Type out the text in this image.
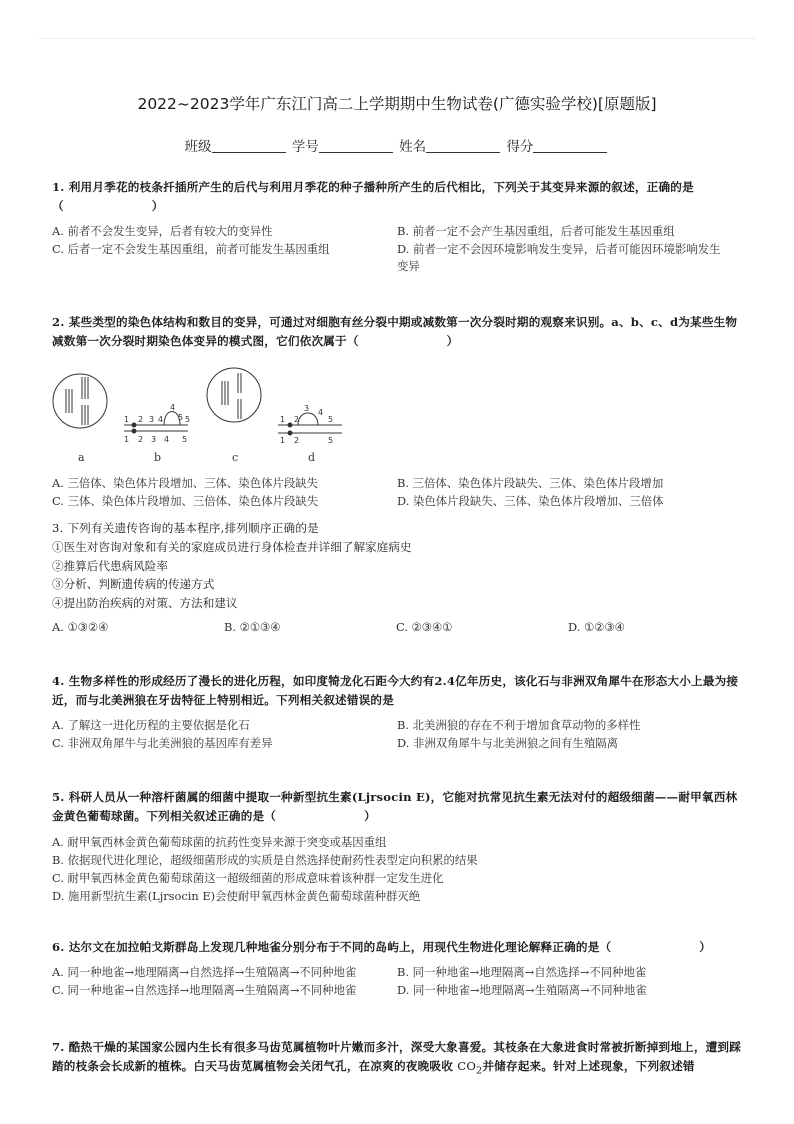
2022~2023学年广东江门高二上学期期中生物试卷(广德实验学校)[原题版]
班级	学号	姓名	得分
1. 利用月季花的枝条扦插所产生的后代与利用月季花的种子播种所产生的后代相比，下列关于其变异来源的叙述，正确的是
（	）
A. 前者不会发生变异，后者有较大的变异性	B. 前者一定不会产生基因重组，后者可能发生基因重组
C. 后者一定不会发生基因重组，前者可能发生基因重组	D. 前者一定不会因环境影响发生变异，后者可能因环境影响发生变异
2. 某些类型的染色体结构和数目的变异，可通过对细胞有丝分裂中期或减数第一次分裂时期的观察来识别。a、b、c、d为某些生物减数第一次分裂时期染色体变异的模式图，它们依次属于（	）
1 2 3 4	5
4
5
1 2 3 4 5
1 2
3 4
5
1 2	5
a	b	c	d
A. 三倍体、染色体片段增加、三体、染色体片段缺失	B. 三倍体、染色体片段缺失、三体、染色体片段增加
C. 三体、染色体片段增加、三倍体、染色体片段缺失	D. 染色体片段缺失、三体、染色体片段增加、三倍体
3. 下列有关遗传咨询的基本程序,排列顺序正确的是
①医生对咨询对象和有关的家庭成员进行身体检查并详细了解家庭病史
②推算后代患病风险率
③分析、判断遗传病的传递方式
④提出防治疾病的对策、方法和建议
A. ①③②④	B. ②①③④	C. ②③④①	D. ①②③④
4. 生物多样性的形成经历了漫长的进化历程，如印度犄龙化石距今大约有2.4亿年历史，该化石与非洲双角犀牛在形态大小上最为接近，而与北美洲狼在牙齿特征上特别相近。下列相关叙述错误的是
A. 了解这一进化历程的主要依据是化石	B. 北美洲狼的存在不利于增加食草动物的多样性
C. 非洲双角犀牛与北美洲狼的基因库有差异	D. 非洲双角犀牛与北美洲狼之间有生殖隔离
5. 科研人员从一种溶杆菌属的细菌中提取一种新型抗生素(Ljrsocin E)，它能对抗常见抗生素无法对付的超级细菌——耐甲氧西林金黄色葡萄球菌。下列相关叙述正确的是（	）
A. 耐甲氧西林金黄色葡萄球菌的抗药性变异来源于突变或基因重组
B. 依据现代进化理论，超级细菌形成的实质是自然选择使耐药性表型定向积累的结果
C. 耐甲氧西林金黄色葡萄球菌这一超级细菌的形成意味着该种群一定发生进化
D. 施用新型抗生素(Ljrsocin E)会使耐甲氧西林金黄色葡萄球菌种群灭绝
6. 达尔文在加拉帕戈斯群岛上发现几种地雀分别分布于不同的岛屿上，用现代生物进化理论解释正确的是（	）
A. 同一种地雀→地理隔离→自然选择→生殖隔离→不同种地雀	B. 同一种地雀→地理隔离→自然选择→不同种地雀
C. 同一种地雀→自然选择→地理隔离→生殖隔离→不同种地雀	D. 同一种地雀→地理隔离→生殖隔离→不同种地雀
7. 酷热干燥的某国家公园内生长有很多马齿苋属植物叶片嫩而多汁，深受大象喜爱。其枝条在大象进食时常被折断掉到地上，遭到踩踏的枝条会长成新的植株。白天马齿苋属植物会关闭气孔，在凉爽的夜晚吸收 $CO_2$并储存起来。针对上述现象，下列叙述错
